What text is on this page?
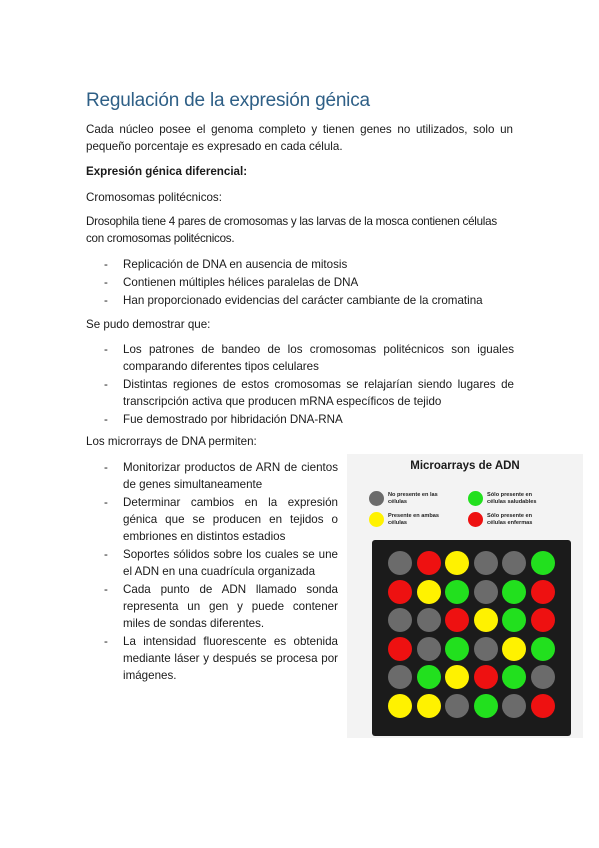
Regulación de la expresión génica

Cada núcleo posee el genoma completo y tienen genes no utilizados, solo un pequeño porcentaje es expresado en cada célula.

Expresión génica diferencial:

Cromosomas politécnicos:

Drosophila tiene 4 pares de cromosomas y las larvas de la mosca contienen células con cromosomas politécnicos.

- Replicación de DNA en ausencia de mitosis
- Contienen múltiples hélices paralelas de DNA
- Han proporcionado evidencias del carácter cambiante de la cromatina

Se pudo demostrar que:

- Los patrones de bandeo de los cromosomas politécnicos son iguales comparando diferentes tipos celulares
- Distintas regiones de estos cromosomas se relajarían siendo lugares de transcripción activa que producen mRNA específicos de tejido
- Fue demostrado por hibridación DNA-RNA

Los microrrays de DNA permiten:

- Monitorizar productos de ARN de cientos de genes simultaneamente
- Determinar cambios en la expresión génica que se producen en tejidos o embriones en distintos estadios
- Soportes sólidos sobre los cuales se une el ADN en una cuadrícula organizada
- Cada punto de ADN llamado sonda representa un gen y puede contener miles de sondas diferentes.
- La intensidad fluorescente es obtenida mediante láser y después se procesa por imágenes.
Microarrays de ADN
No presente en las células
Sólo presente en células saludables
Presente en ambas células
Sólo presente en células enfermas
